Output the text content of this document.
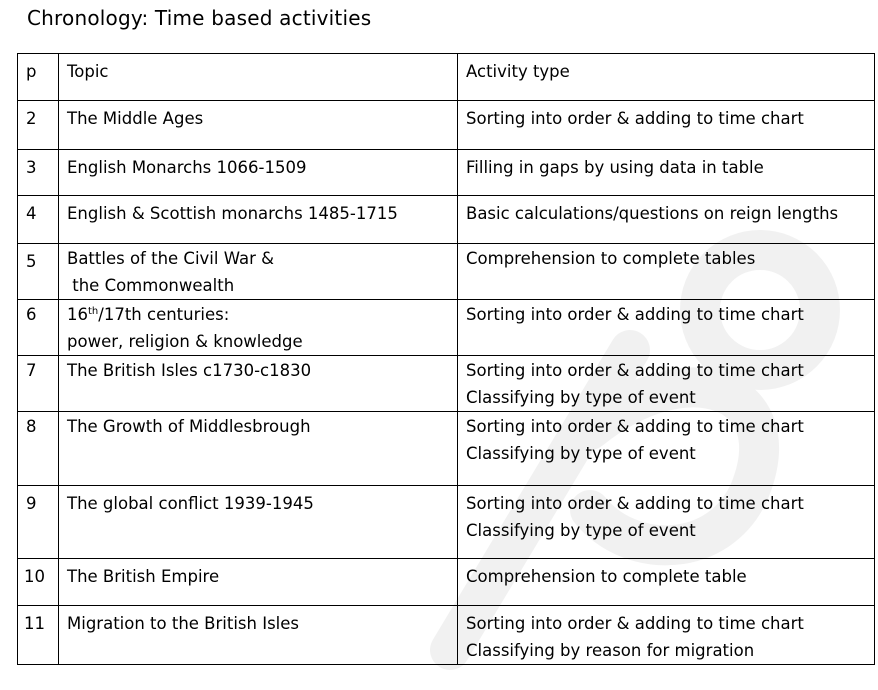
Chronology: Time based activities
p	Topic	Activity type
2	The Middle Ages	Sorting into order & adding to time chart

3	English Monarchs 1066-1509	Filling in gaps by using data in table

4	English & Scottish monarchs 1485-1715	Basic calculations/questions on reign lengths

5	Battles of the Civil War &
the Commonwealth	Comprehension to complete tables

6	16th/17th centuries:
power, religion & knowledge	Sorting into order & adding to time chart

7	The British Isles c1730-c1830	Sorting into order & adding to time chart
Classifying by type of event

8	The Growth of Middlesbrough	Sorting into order & adding to time chart
Classifying by type of event

9	The global conflict 1939-1945	Sorting into order & adding to time chart
Classifying by type of event

10	The British Empire	Comprehension to complete table

11	Migration to the British Isles	Sorting into order & adding to time chart
Classifying by reason for migration
